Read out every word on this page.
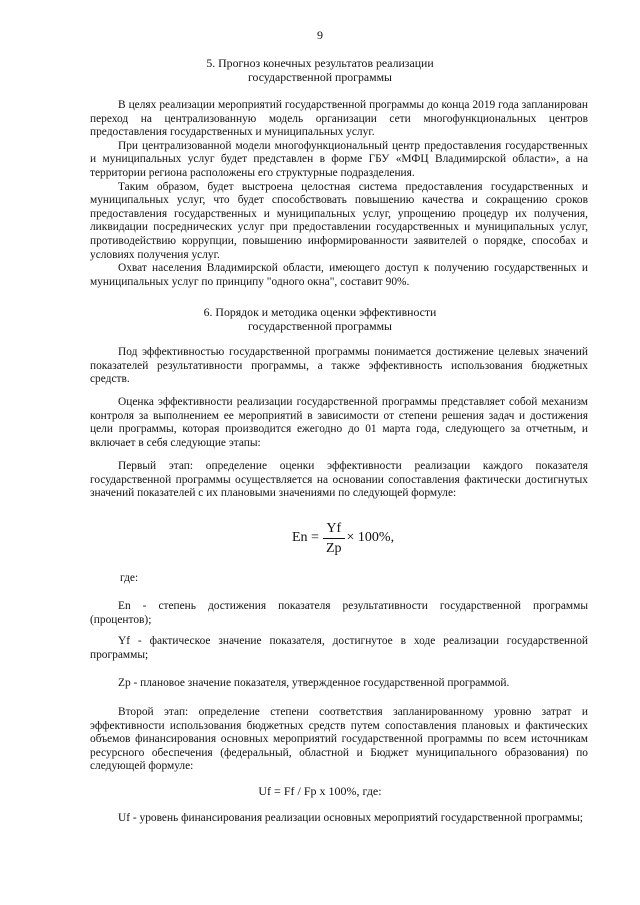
9
5. Прогноз конечных результатов реализации
государственной программы

В целях реализации мероприятий государственной программы до конца 2019 года запланирован переход на централизованную модель организации сети многофункциональных центров предоставления государственных и муниципальных услуг.

При централизованной модели многофункциональный центр предоставления государственных и муниципальных услуг будет представлен в форме ГБУ «МФЦ Владимирской области», а на территории региона расположены его структурные подразделения.

Таким образом, будет выстроена целостная система предоставления государственных и муниципальных услуг, что будет способствовать повышению качества и сокращению сроков предоставления государственных и муниципальных услуг, упрощению процедур их получения, ликвидации посреднических услуг при предоставлении государственных и муниципальных услуг, противодействию коррупции, повышению информированности заявителей о порядке, способах и условиях получения услуг.

Охват населения Владимирской области, имеющего доступ к получению государственных и муниципальных услуг по принципу "одного окна", составит 90%.

6. Порядок и методика оценки эффективности
государственной программы

Под эффективностью государственной программы понимается достижение целевых значений показателей результативности программы, а также эффективность использования бюджетных средств.

Оценка эффективности реализации государственной программы представляет собой механизм контроля за выполнением ее мероприятий в зависимости от степени решения задач и достижения цели программы, которая производится ежегодно до 01 марта года, следующего за отчетным, и включает в себя следующие этапы:

Первый этап: определение оценки эффективности реализации каждого показателя государственной программы осуществляется на основании сопоставления фактически достигнутых значений показателей с их плановыми значениями по следующей формуле:

$En = \frac{Yf}{Zp} \times 100\%$,
где:

En - степень достижения показателя результативности государственной программы (процентов);

Yf - фактическое значение показателя, достигнутое в ходе реализации государственной программы;

Zp - плановое значение показателя, утвержденное государственной программой.

Второй этап: определение степени соответствия запланированному уровню затрат и эффективности использования бюджетных средств путем сопоставления плановых и фактических объемов финансирования основных мероприятий государственной программы по всем источникам ресурсного обеспечения (федеральный, областной и Бюджет муниципального образования) по следующей формуле:

Uf = Ff / Fp x 100%, где:

Uf - уровень финансирования реализации основных мероприятий государственной программы;
